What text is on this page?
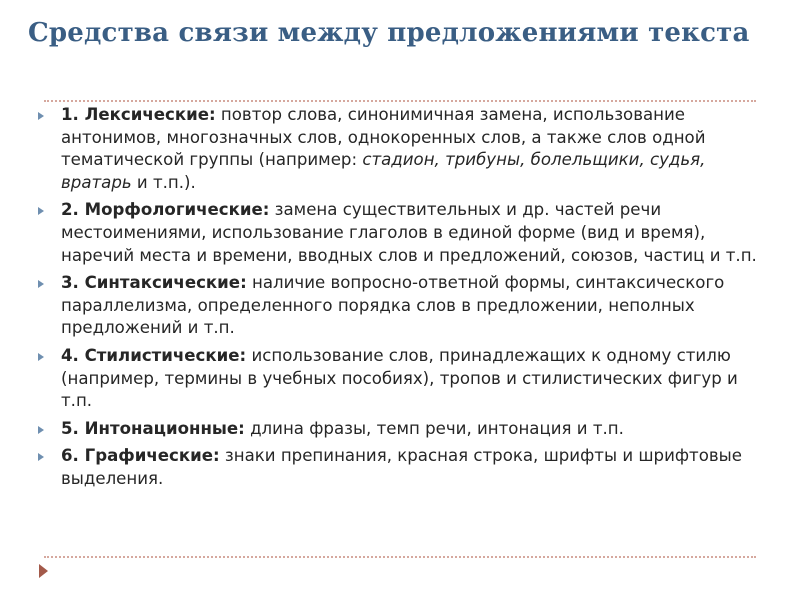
Средства связи между предложениями текста
1. Лексические: повтор слова, синонимичная замена, использование антонимов, многозначных слов, однокоренных слов, а также слов одной тематической группы (например: стадион, трибуны, болельщики, судья, вратарь и т.п.).
2. Морфологические: замена существительных и др. частей речи местоимениями, использование глаголов в единой форме (вид и время), наречий места и времени, вводных слов и предложений, союзов, частиц и т.п.
3. Синтаксические: наличие вопросно-ответной формы, синтаксического параллелизма, определенного порядка слов в предложении, неполных предложений и т.п.
4. Стилистические: использование слов, принадлежащих к одному стилю (например, термины в учебных пособиях), тропов и стилистических фигур и т.п.
5. Интонационные: длина фразы, темп речи, интонация и т.п.
6. Графические: знаки препинания, красная строка, шрифты и шрифтовые выделения.
